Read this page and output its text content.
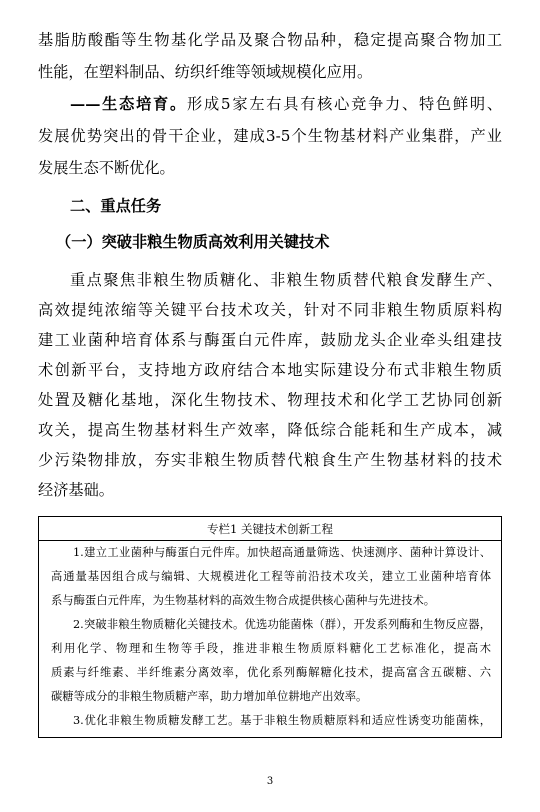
基脂肪酸酯等生物基化学品及聚合物品种，稳定提高聚合物加工
性能，在塑料制品、纺织纤维等领域规模化应用。
——生态培育。形成5家左右具有核心竞争力、特色鲜明、
发展优势突出的骨干企业，建成3-5个生物基材料产业集群，产业
发展生态不断优化。
二、重点任务
（一）突破非粮生物质高效利用关键技术
专栏1 关键技术创新工程
1.建立工业菌种与酶蛋白元件库。加快超高通量筛选、快速测序、菌种计算设计、
高通量基因组合成与编辑、大规模进化工程等前沿技术攻关，建立工业菌种培育体
系与酶蛋白元件库，为生物基材料的高效生物合成提供核心菌种与先进技术。
2.突破非粮生物质糖化关键技术。优选功能菌株（群），开发系列酶和生物反应器，
利用化学、物理和生物等手段，推进非粮生物质原料糖化工艺标准化，提高木
质素与纤维素、半纤维素分离效率，优化系列酶解糖化技术，提高富含五碳糖、六
碳糖等成分的非粮生物质糖产率，助力增加单位耕地产出效率。
3.优化非粮生物质糖发酵工艺。基于非粮生物质糖原料和适应性诱变功能菌株，
3
重点聚焦非粮生物质糖化、非粮生物质替代粮食发酵生产、
高效提纯浓缩等关键平台技术攻关，针对不同非粮生物质原料构
建工业菌种培育体系与酶蛋白元件库，鼓励龙头企业牵头组建技
术创新平台，支持地方政府结合本地实际建设分布式非粮生物质
处置及糖化基地，深化生物技术、物理技术和化学工艺协同创新
攻关，提高生物基材料生产效率，降低综合能耗和生产成本，减
少污染物排放，夯实非粮生物质替代粮食生产生物基材料的技术
经济基础。
